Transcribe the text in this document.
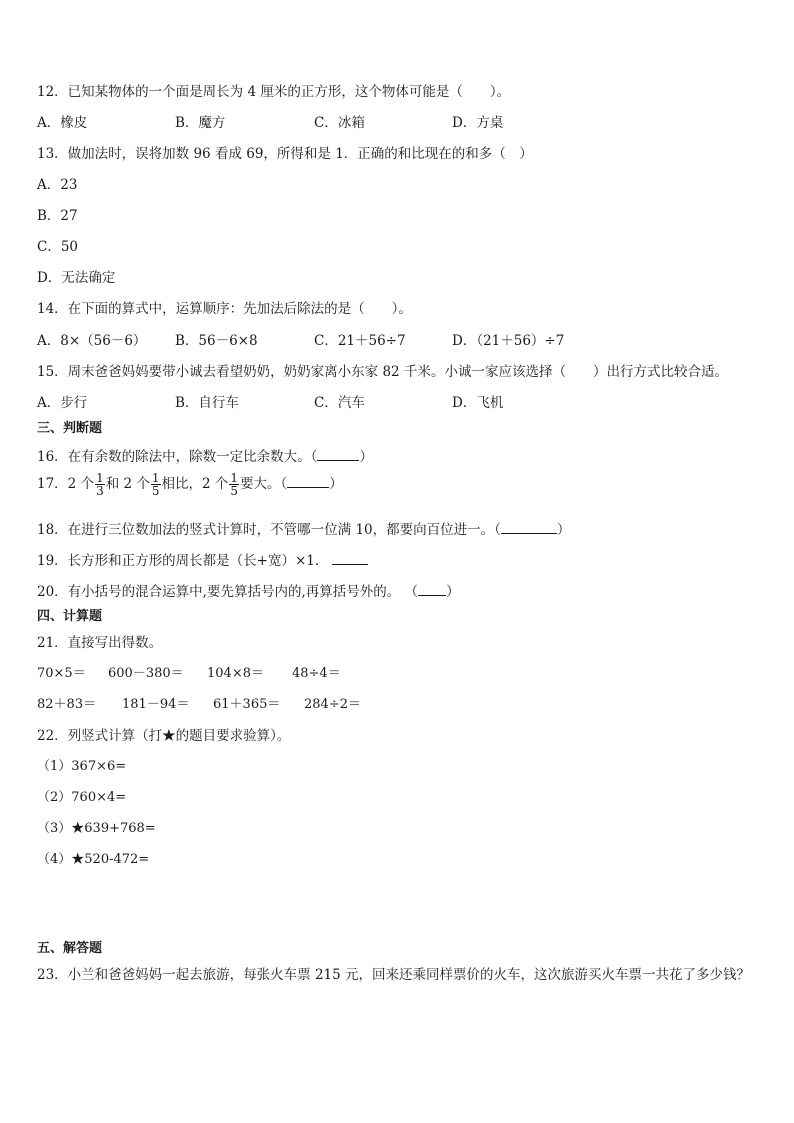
12．已知某物体的一个面是周长为 4 厘米的正方形，这个物体可能是（　　）。
A．橡皮	B．魔方	C．冰箱	D．方桌
13．做加法时，误将加数 96 看成 69，所得和是 1．正确的和比现在的和多（　）
A．23
B．27
C．50
D．无法确定
14．在下面的算式中，运算顺序：先加法后除法的是（　　）。
A．8×（56－6） B．56－6×8	C．21＋56÷7	D．（21＋56）÷7
15．周末爸爸妈妈要带小诚去看望奶奶，奶奶家离小东家 82 千米。小诚一家应该选择（　　）出行方式比较合适。
A．步行	B．自行车	C．汽车	D．飞机
三、判断题
16．在有余数的除法中，除数一定比余数大。（	）
17．2 个 $\frac{1}{3}$ 和 2 个 $\frac{1}{5}$ 相比，2 个 $\frac{1}{5}$ 要大。（	）
18．在进行三位数加法的竖式计算时，不管哪一位满 10，都要向百位进一。（	）
19．长方形和正方形的周长都是（长+宽）×1．
20．有小括号的混合运算中,要先算括号内的,再算括号外的。 （ ）
四、计算题
21．直接写出得数。
70×5＝ 600－380＝ 104×8＝ 48÷4＝
82＋83＝ 181－94＝ 61＋365＝ 284÷2＝
22．列竖式计算（打★的题目要求验算）。
（1）367×6=
（2）760×4=
（3）★639+768=
（4）★520-472=
五、解答题
23．小兰和爸爸妈妈一起去旅游，每张火车票 215 元，回来还乘同样票价的火车，这次旅游买火车票一共花了多少钱？
